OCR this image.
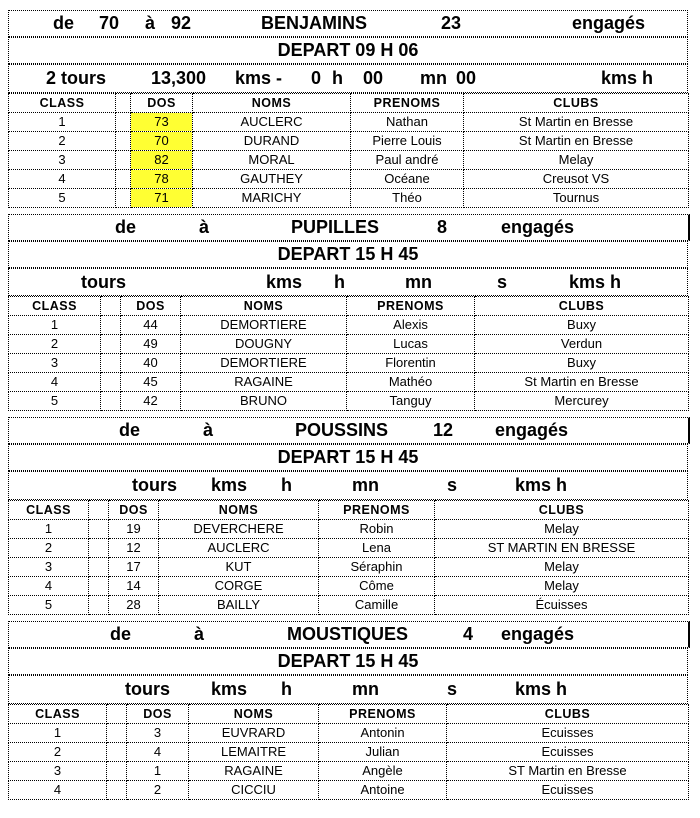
de 70 à 92	BENJAMINS	23	engagés
DEPART 09 H 06
2 tours 13,300 kms - 0 h 00 mn 00	kms h
CLASS		DOS	NOMS	PRENOMS	CLUBS
1		73	AUCLERC	Nathan	St Martin en Bresse
2		70	DURAND	Pierre Louis	St Martin en Bresse
3		82	MORAL	Paul andré	Melay
4		78	GAUTHEY	Océane	Creusot VS
5		71	MARICHY	Théo	Tournus
de	à	PUPILLES	8	engagés
DEPART 15 H 45
tours	kms h	mn	s	kms h
CLASS		DOS	NOMS	PRENOMS	CLUBS
1		44	DEMORTIERE	Alexis	Buxy
2		49	DOUGNY	Lucas	Verdun
3		40	DEMORTIERE	Florentin	Buxy
4		45	RAGAINE	Mathéo	St Martin en Bresse
5		42	BRUNO	Tanguy	Mercurey
de	à	POUSSINS 12 engagés
DEPART 15 H 45
tours kms h	mn	s	kms h
CLASS		DOS	NOMS	PRENOMS	CLUBS
1		19	DEVERCHERE	Robin	Melay
2		12	AUCLERC	Lena	ST MARTIN EN BRESSE
3		17	KUT	Séraphin	Melay
4		14	CORGE	Côme	Melay
5		28	BAILLY	Camille	Écuisses
de	à	MOUSTIQUES	4 engagés
DEPART 15 H 45
tours kms h	mn	s	kms h
CLASS		DOS	NOMS	PRENOMS	CLUBS
1		3	EUVRARD	Antonin	Ecuisses
2		4	LEMAITRE	Julian	Ecuisses
3		1	RAGAINE	Angèle	ST Martin en Bresse
4		2	CICCIU	Antoine	Ecuisses
